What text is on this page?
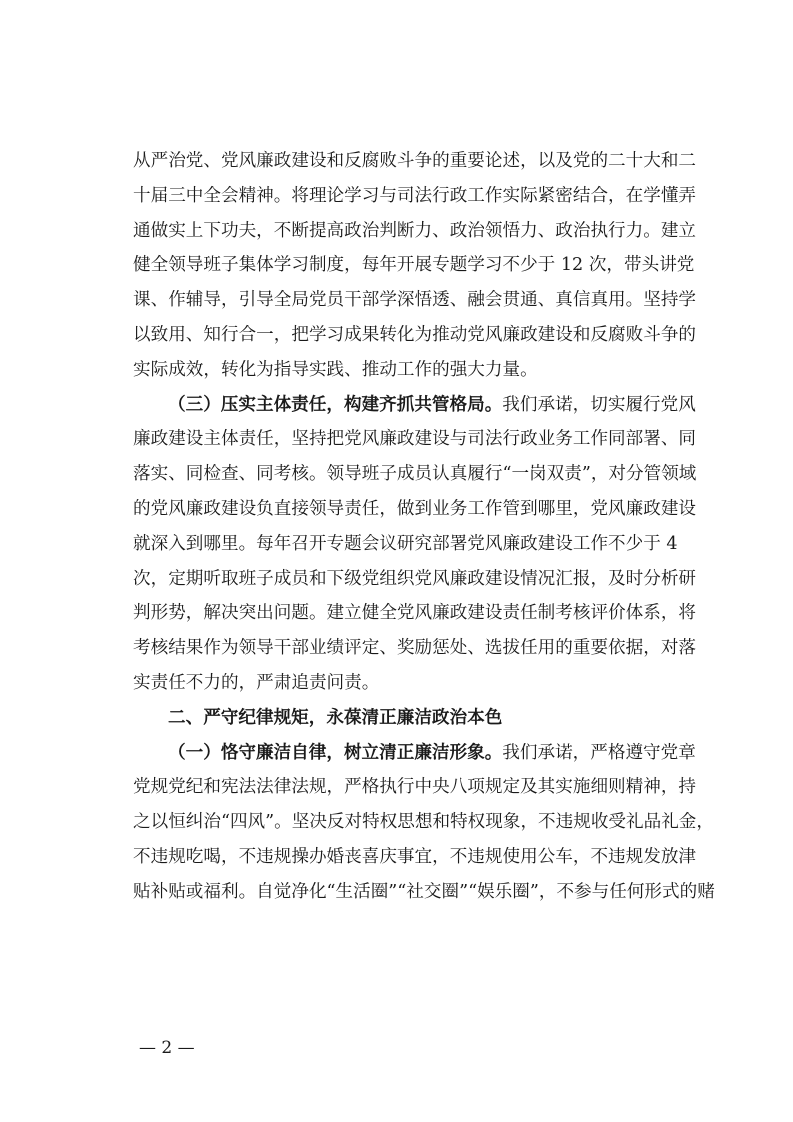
从严治党、党风廉政建设和反腐败斗争的重要论述，以及党的二十大和二
十届三中全会精神。将理论学习与司法行政工作实际紧密结合，在学懂弄
通做实上下功夫，不断提高政治判断力、政治领悟力、政治执行力。建立
健全领导班子集体学习制度，每年开展专题学习不少于 12 次，带头讲党
课、作辅导，引导全局党员干部学深悟透、融会贯通、真信真用。坚持学
以致用、知行合一，把学习成果转化为推动党风廉政建设和反腐败斗争的
实际成效，转化为指导实践、推动工作的强大力量。
（三）压实主体责任，构建齐抓共管格局。我们承诺，切实履行党风
廉政建设主体责任，坚持把党风廉政建设与司法行政业务工作同部署、同
落实、同检查、同考核。领导班子成员认真履行“一岗双责”，对分管领域
的党风廉政建设负直接领导责任，做到业务工作管到哪里，党风廉政建设
就深入到哪里。每年召开专题会议研究部署党风廉政建设工作不少于 4
次，定期听取班子成员和下级党组织党风廉政建设情况汇报，及时分析研
判形势，解决突出问题。建立健全党风廉政建设责任制考核评价体系，将
考核结果作为领导干部业绩评定、奖励惩处、选拔任用的重要依据，对落
实责任不力的，严肃追责问责。
二、严守纪律规矩，永葆清正廉洁政治本色
（一）恪守廉洁自律，树立清正廉洁形象。我们承诺，严格遵守党章
党规党纪和宪法法律法规，严格执行中央八项规定及其实施细则精神，持
之以恒纠治“四风”。坚决反对特权思想和特权现象，不违规收受礼品礼金，
不违规吃喝，不违规操办婚丧喜庆事宜，不违规使用公车，不违规发放津
贴补贴或福利。自觉净化“生活圈”“社交圈”“娱乐圈”，不参与任何形式的赌
— 2 —
